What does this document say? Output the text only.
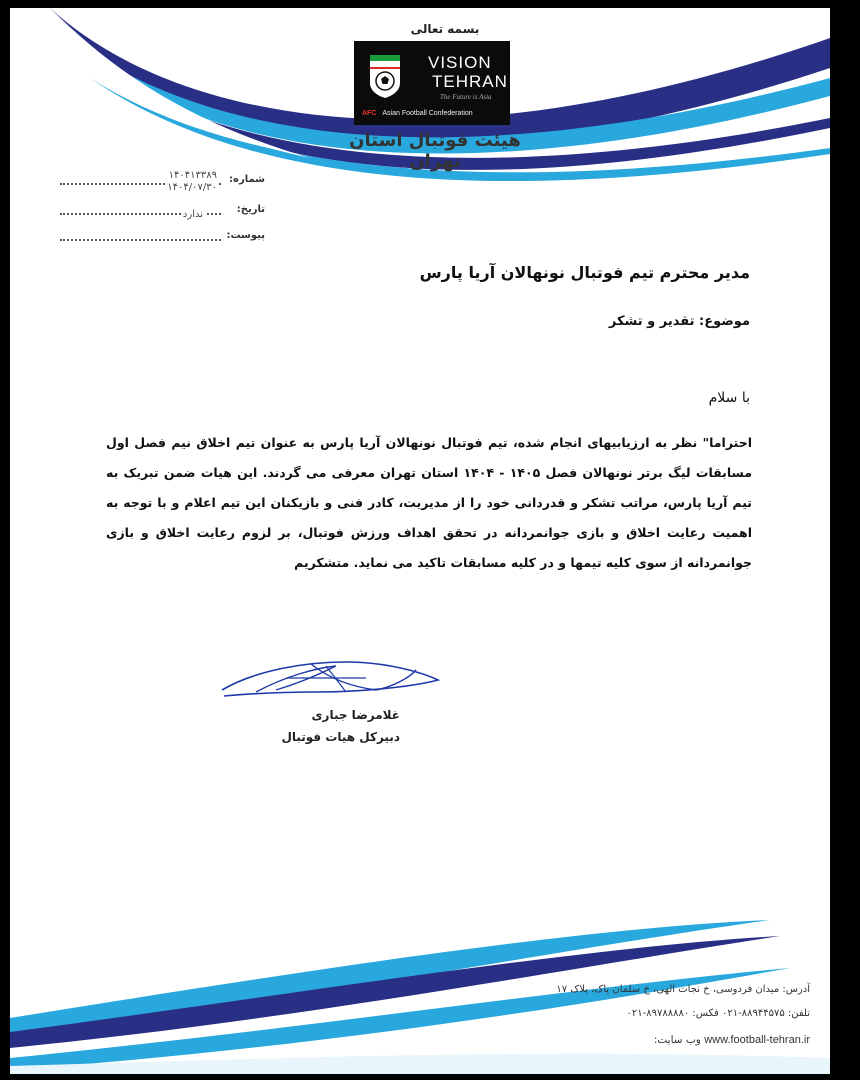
بسمه تعالی
VISION
TEHRAN
The Future is Asia
AFC Asian Football Confederation
هیئت فوتبال استان تهران
شماره:
۱۴۰۴۱۳۳۸۹
۱۴۰۴/۰۷/۳۰
تاریخ:
ندارد
پیوست:
مدیر محترم تیم فوتبال نونهالان آریا پارس
موضوع: تقدیر و تشکر
با سلام
احتراما" نظر به ارزیابیهای انجام شده، تیم فوتبال نونهالان آریا پارس به عنوان تیم اخلاق نیم فصل اول مسابقات لیگ برتر نونهالان فصل ۱۴۰۵ - ۱۴۰۴ استان تهران معرفی می گردند. این هیات ضمن تبریک به تیم آریا پارس، مراتب تشکر و قدردانی خود را از مدیریت، کادر فنی و بازیکنان این تیم اعلام و با توجه به اهمیت رعایت اخلاق و بازی جوانمردانه در تحقق اهداف ورزش فوتبال، بر لزوم رعایت اخلاق و بازی جوانمردانه از سوی کلیه تیمها و در کلیه مسابقات تاکید می نماید. متشکریم
غلامرضا جباری
دبیرکل هیات فوتبال
آدرس: میدان فردوسی، خ نجات الهی، خ سلمان پاک، پلاک ۱۷
تلفن: ۸۸۹۴۴۵۷۵-۰۲۱ فکس: ۸۹۷۸۸۸۸۰-۰۲۱
وب سایت: www.football-tehran.ir
